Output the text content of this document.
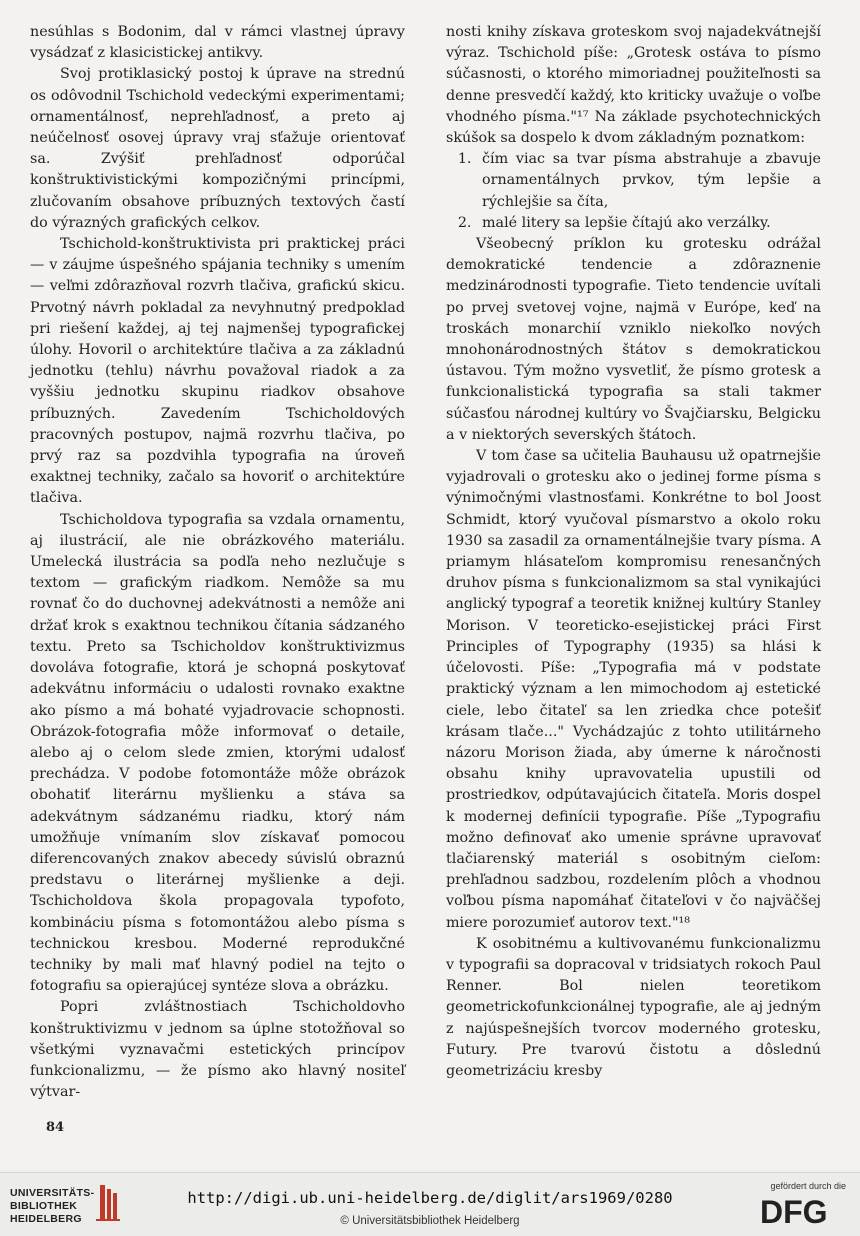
nesúhlas s Bodonim, dal v rámci vlastnej úpravy vysádzať z klasicistickej antikvy.

Svoj protiklasický postoj k úprave na strednú os odôvodnil Tschichold vedeckými experimentami; ornamentálnosť, neprehľadnosť, a preto aj neúčelnosť osovej úpravy vraj sťažuje orientovať sa. Zvýšiť prehľadnosť odporúčal konštruktivistickými kompozičnými princípmi, zlučovaním obsahove príbuzných textových častí do výrazných grafických celkov.

Tschichold-konštruktivista pri praktickej práci — v záujme úspešného spájania techniky s umením — veľmi zdôrazňoval rozvrh tlačiva, grafickú skicu. Prvotný návrh pokladal za nevyhnutný predpoklad pri riešení každej, aj tej najmenšej typografickej úlohy. Hovoril o architektúre tlačiva a za základnú jednotku (tehlu) návrhu považoval riadok a za vyššiu jednotku skupinu riadkov obsahove príbuzných. Zavedením Tschicholdových pracovných postupov, najmä rozvrhu tlačiva, po prvý raz sa pozdvihla typografia na úroveň exaktnej techniky, začalo sa hovoriť o architektúre tlačiva.

Tschicholdova typografia sa vzdala ornamentu, aj ilustrácií, ale nie obrázkového materiálu. Umelecká ilustrácia sa podľa neho nezlučuje s textom — grafickým riadkom. Nemôže sa mu rovnať čo do duchovnej adekvátnosti a nemôže ani držať krok s exaktnou technikou čítania sádzaného textu. Preto sa Tschicholdov konštruktivizmus dovoláva fotografie, ktorá je schopná poskytovať adekvátnu informáciu o udalosti rovnako exaktne ako písmo a má bohaté vyjadrovacie schopnosti. Obrázok-fotografia môže informovať o detaile, alebo aj o celom slede zmien, ktorými udalosť prechádza. V podobe fotomontáže môže obrázok obohatiť literárnu myšlienku a stáva sa adekvátnym sádzanému riadku, ktorý nám umožňuje vnímaním slov získavať pomocou diferencovaných znakov abecedy súvislú obraznú predstavu o literárnej myšlienke a deji. Tschicholdova škola propagovala typofoto, kombináciu písma s fotomontážou alebo písma s technickou kresbou. Moderné reprodukčné techniky by mali mať hlavný podiel na tejto o fotografiu sa opierajúcej syntéze slova a obrázku.

Popri zvláštnostiach Tschicholdovho konštruktivizmu v jednom sa úplne stotožňoval so všetkými vyznavačmi estetických princípov funkcionalizmu, — že písmo ako hlavný nositeľ výtvar-

nosti knihy získava groteskom svoj najadekvátnejší výraz. Tschichold píše: „Grotesk ostáva to písmo súčasnosti, o ktorého mimoriadnej použiteľnosti sa denne presvedčí každý, kto kriticky uvažuje o voľbe vhodného písma."¹⁷ Na základe psychotechnických skúšok sa dospelo k dvom základným poznatkom:

1. čím viac sa tvar písma abstrahuje a zbavuje ornamentálnych prvkov, tým lepšie a rýchlejšie sa číta,
2. malé litery sa lepšie čítajú ako verzálky.

Všeobecný príklon ku grotesku odrážal demokratické tendencie a zdôraznenie medzinárodnosti typografie. Tieto tendencie uvítali po prvej svetovej vojne, najmä v Európe, keď na troskách monarchií vzniklo niekoľko nových mnohonárodnostných štátov s demokratickou ústavou. Tým možno vysvetliť, že písmo grotesk a funkcionalistická typografia sa stali takmer súčasťou národnej kultúry vo Švajčiarsku, Belgicku a v niektorých severských štátoch.

V tom čase sa učitelia Bauhausu už opatrnejšie vyjadrovali o grotesku ako o jedinej forme písma s výnimočnými vlastnosťami. Konkrétne to bol Joost Schmidt, ktorý vyučoval písmarstvo a okolo roku 1930 sa zasadil za ornamentálnejšie tvary písma. A priamym hlásateľom kompromisu renesančných druhov písma s funkcionalizmom sa stal vynikajúci anglický typograf a teoretik knižnej kultúry Stanley Morison. V teoreticko-esejistickej práci First Principles of Typography (1935) sa hlási k účelovosti. Píše: „Typografia má v podstate praktický význam a len mimochodom aj estetické ciele, lebo čitateľ sa len zriedka chce potešiť krásam tlače..." Vychádzajúc z tohto utilitárneho názoru Morison žiada, aby úmerne k náročnosti obsahu knihy upravovatelia upustili od prostriedkov, odpútavajúcich čitateľa. Moris dospel k modernej definícii typografie. Píše „Typografiu možno definovať ako umenie správne upravovať tlačiarenský materiál s osobitným cieľom: prehľadnou sadzbou, rozdelením plôch a vhodnou voľbou písma napomáhať čitateľovi v čo najväčšej miere porozumieť autorov text."¹⁸

K osobitnému a kultivovanému funkcionalizmu v typografii sa dopracoval v tridsiatych rokoch Paul Renner. Bol nielen teoretikom geometrickofunkcionálnej typografie, ale aj jedným z najúspešnejších tvorcov moderného grotesku, Futury. Pre tvarovú čistotu a dôslednú geometrizáciu kresby

84
UNIVERSITÄTS-
BIBLIOTHEK
HEIDELBERG
http://digi.ub.uni-heidelberg.de/diglit/ars1969/0280
© Universitätsbibliothek Heidelberg
gefördert durch die
DFG
